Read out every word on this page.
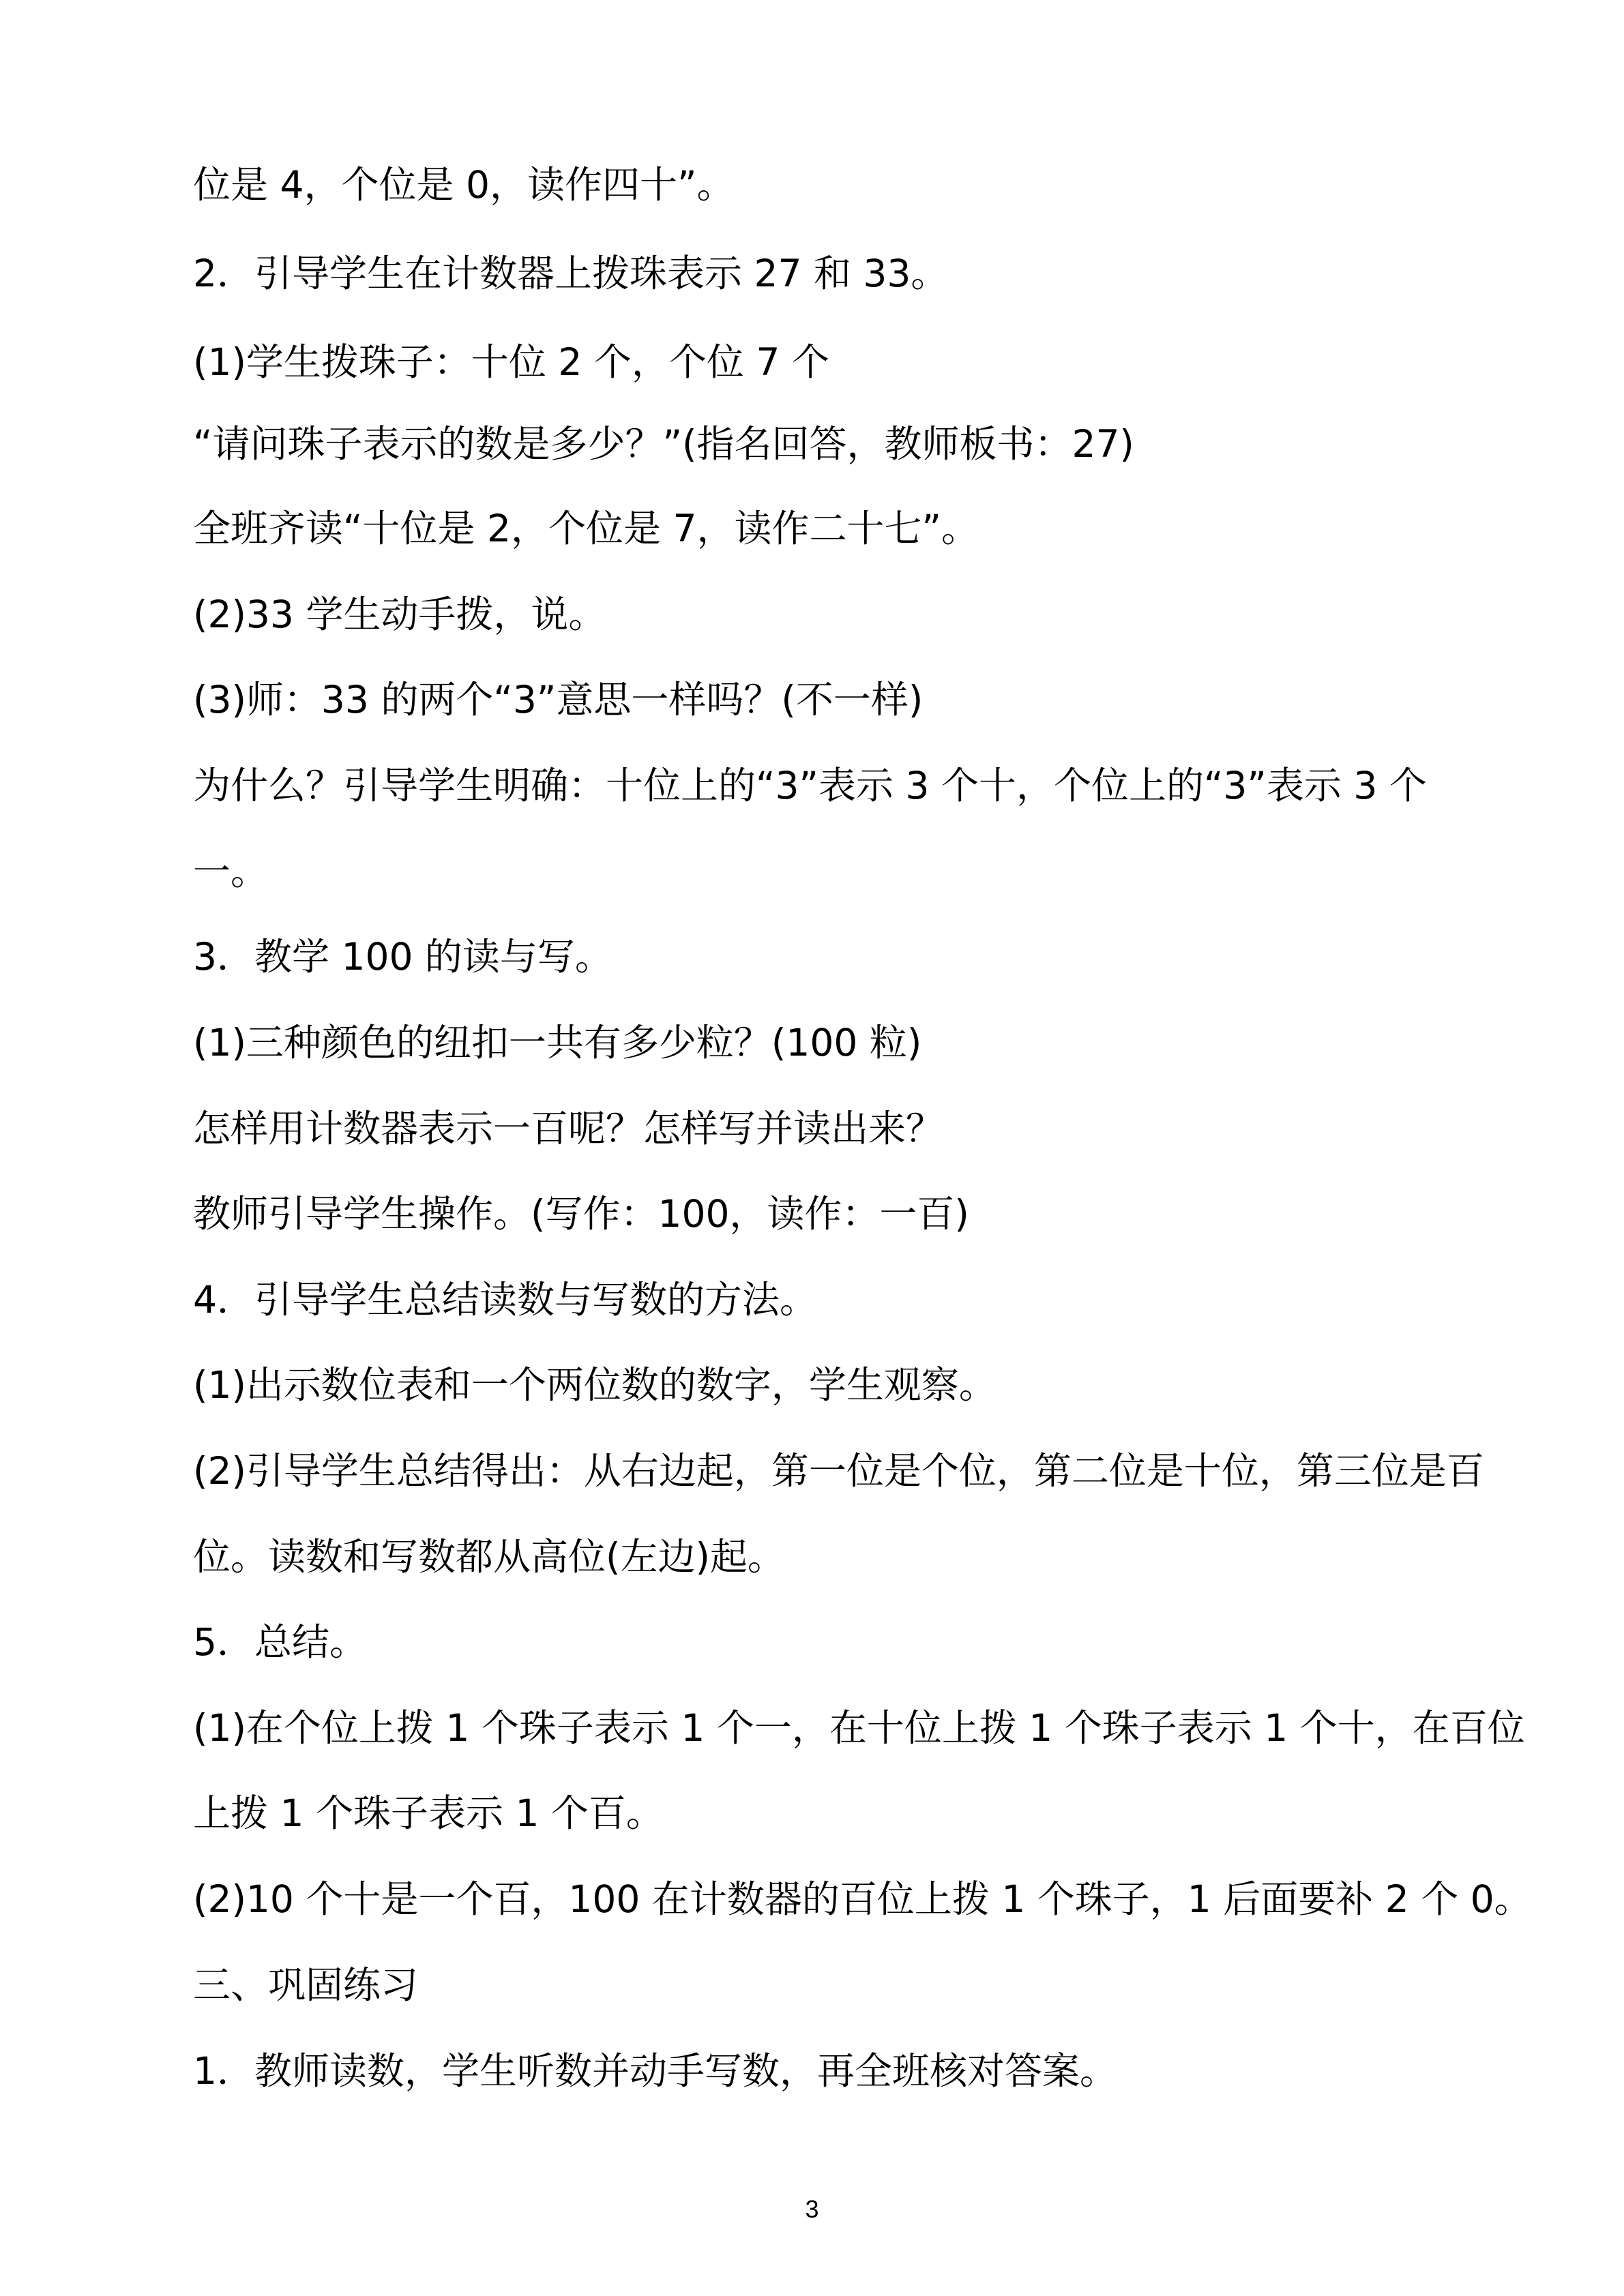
位是 4，个位是 0，读作四十”。
2．引导学生在计数器上拨珠表示 27 和 33。
(1)学生拨珠子：十位 2 个，个位 7 个
“请问珠子表示的数是多少？”(指名回答，教师板书：27)
全班齐读“十位是 2，个位是 7，读作二十七”。
(2)33 学生动手拨，说。
(3)师：33 的两个“3”意思一样吗？(不一样)
为什么？引导学生明确：十位上的“3”表示 3 个十，个位上的“3”表示 3 个
一。
3．教学 100 的读与写。
(1)三种颜色的纽扣一共有多少粒？(100 粒)
怎样用计数器表示一百呢？怎样写并读出来？
教师引导学生操作。(写作：100，读作：一百)
4．引导学生总结读数与写数的方法。
(1)出示数位表和一个两位数的数字，学生观察。
(2)引导学生总结得出：从右边起，第一位是个位，第二位是十位，第三位是百
位。读数和写数都从高位(左边)起。
5．总结。
(1)在个位上拨 1 个珠子表示 1 个一，在十位上拨 1 个珠子表示 1 个十，在百位
上拨 1 个珠子表示 1 个百。
(2)10 个十是一个百，100 在计数器的百位上拨 1 个珠子，1 后面要补 2 个 0。
三、巩固练习
1．教师读数，学生听数并动手写数，再全班核对答案。
3
